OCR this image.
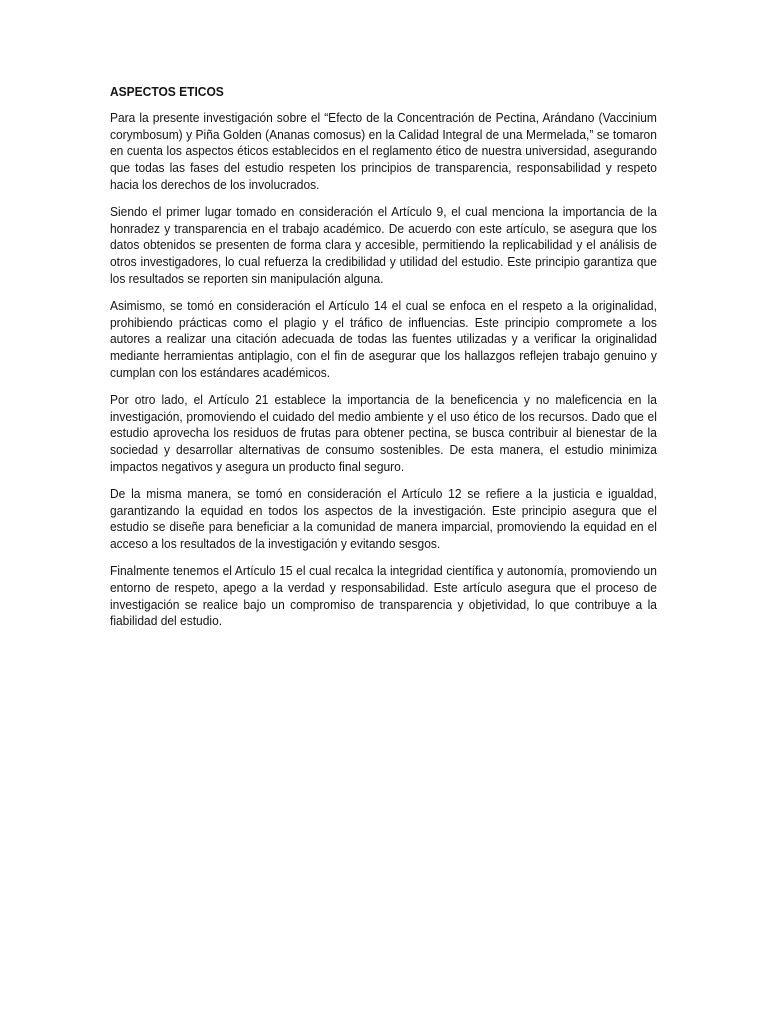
ASPECTOS ETICOS

Para la presente investigación sobre el “Efecto de la Concentración de Pectina, Arándano (Vaccinium corymbosum) y Piña Golden (Ananas comosus) en la Calidad Integral de una Mermelada,” se tomaron en cuenta los aspectos éticos establecidos en el reglamento ético de nuestra universidad, asegurando que todas las fases del estudio respeten los principios de transparencia, responsabilidad y respeto hacia los derechos de los involucrados.

Siendo el primer lugar tomado en consideración el Artículo 9, el cual menciona la importancia de la honradez y transparencia en el trabajo académico. De acuerdo con este artículo, se asegura que los datos obtenidos se presenten de forma clara y accesible, permitiendo la replicabilidad y el análisis de otros investigadores, lo cual refuerza la credibilidad y utilidad del estudio. Este principio garantiza que los resultados se reporten sin manipulación alguna.

Asimismo, se tomó en consideración el Artículo 14 el cual se enfoca en el respeto a la originalidad, prohibiendo prácticas como el plagio y el tráfico de influencias. Este principio compromete a los autores a realizar una citación adecuada de todas las fuentes utilizadas y a verificar la originalidad mediante herramientas antiplagio, con el fin de asegurar que los hallazgos reflejen trabajo genuino y cumplan con los estándares académicos.

Por otro lado, el Artículo 21 establece la importancia de la beneficencia y no maleficencia en la investigación, promoviendo el cuidado del medio ambiente y el uso ético de los recursos. Dado que el estudio aprovecha los residuos de frutas para obtener pectina, se busca contribuir al bienestar de la sociedad y desarrollar alternativas de consumo sostenibles. De esta manera, el estudio minimiza impactos negativos y asegura un producto final seguro.

De la misma manera, se tomó en consideración el Artículo 12 se refiere a la justicia e igualdad, garantizando la equidad en todos los aspectos de la investigación. Este principio asegura que el estudio se diseñe para beneficiar a la comunidad de manera imparcial, promoviendo la equidad en el acceso a los resultados de la investigación y evitando sesgos.

Finalmente tenemos el Artículo 15 el cual recalca la integridad científica y autonomía, promoviendo un entorno de respeto, apego a la verdad y responsabilidad. Este artículo asegura que el proceso de investigación se realice bajo un compromiso de transparencia y objetividad, lo que contribuye a la fiabilidad del estudio.
